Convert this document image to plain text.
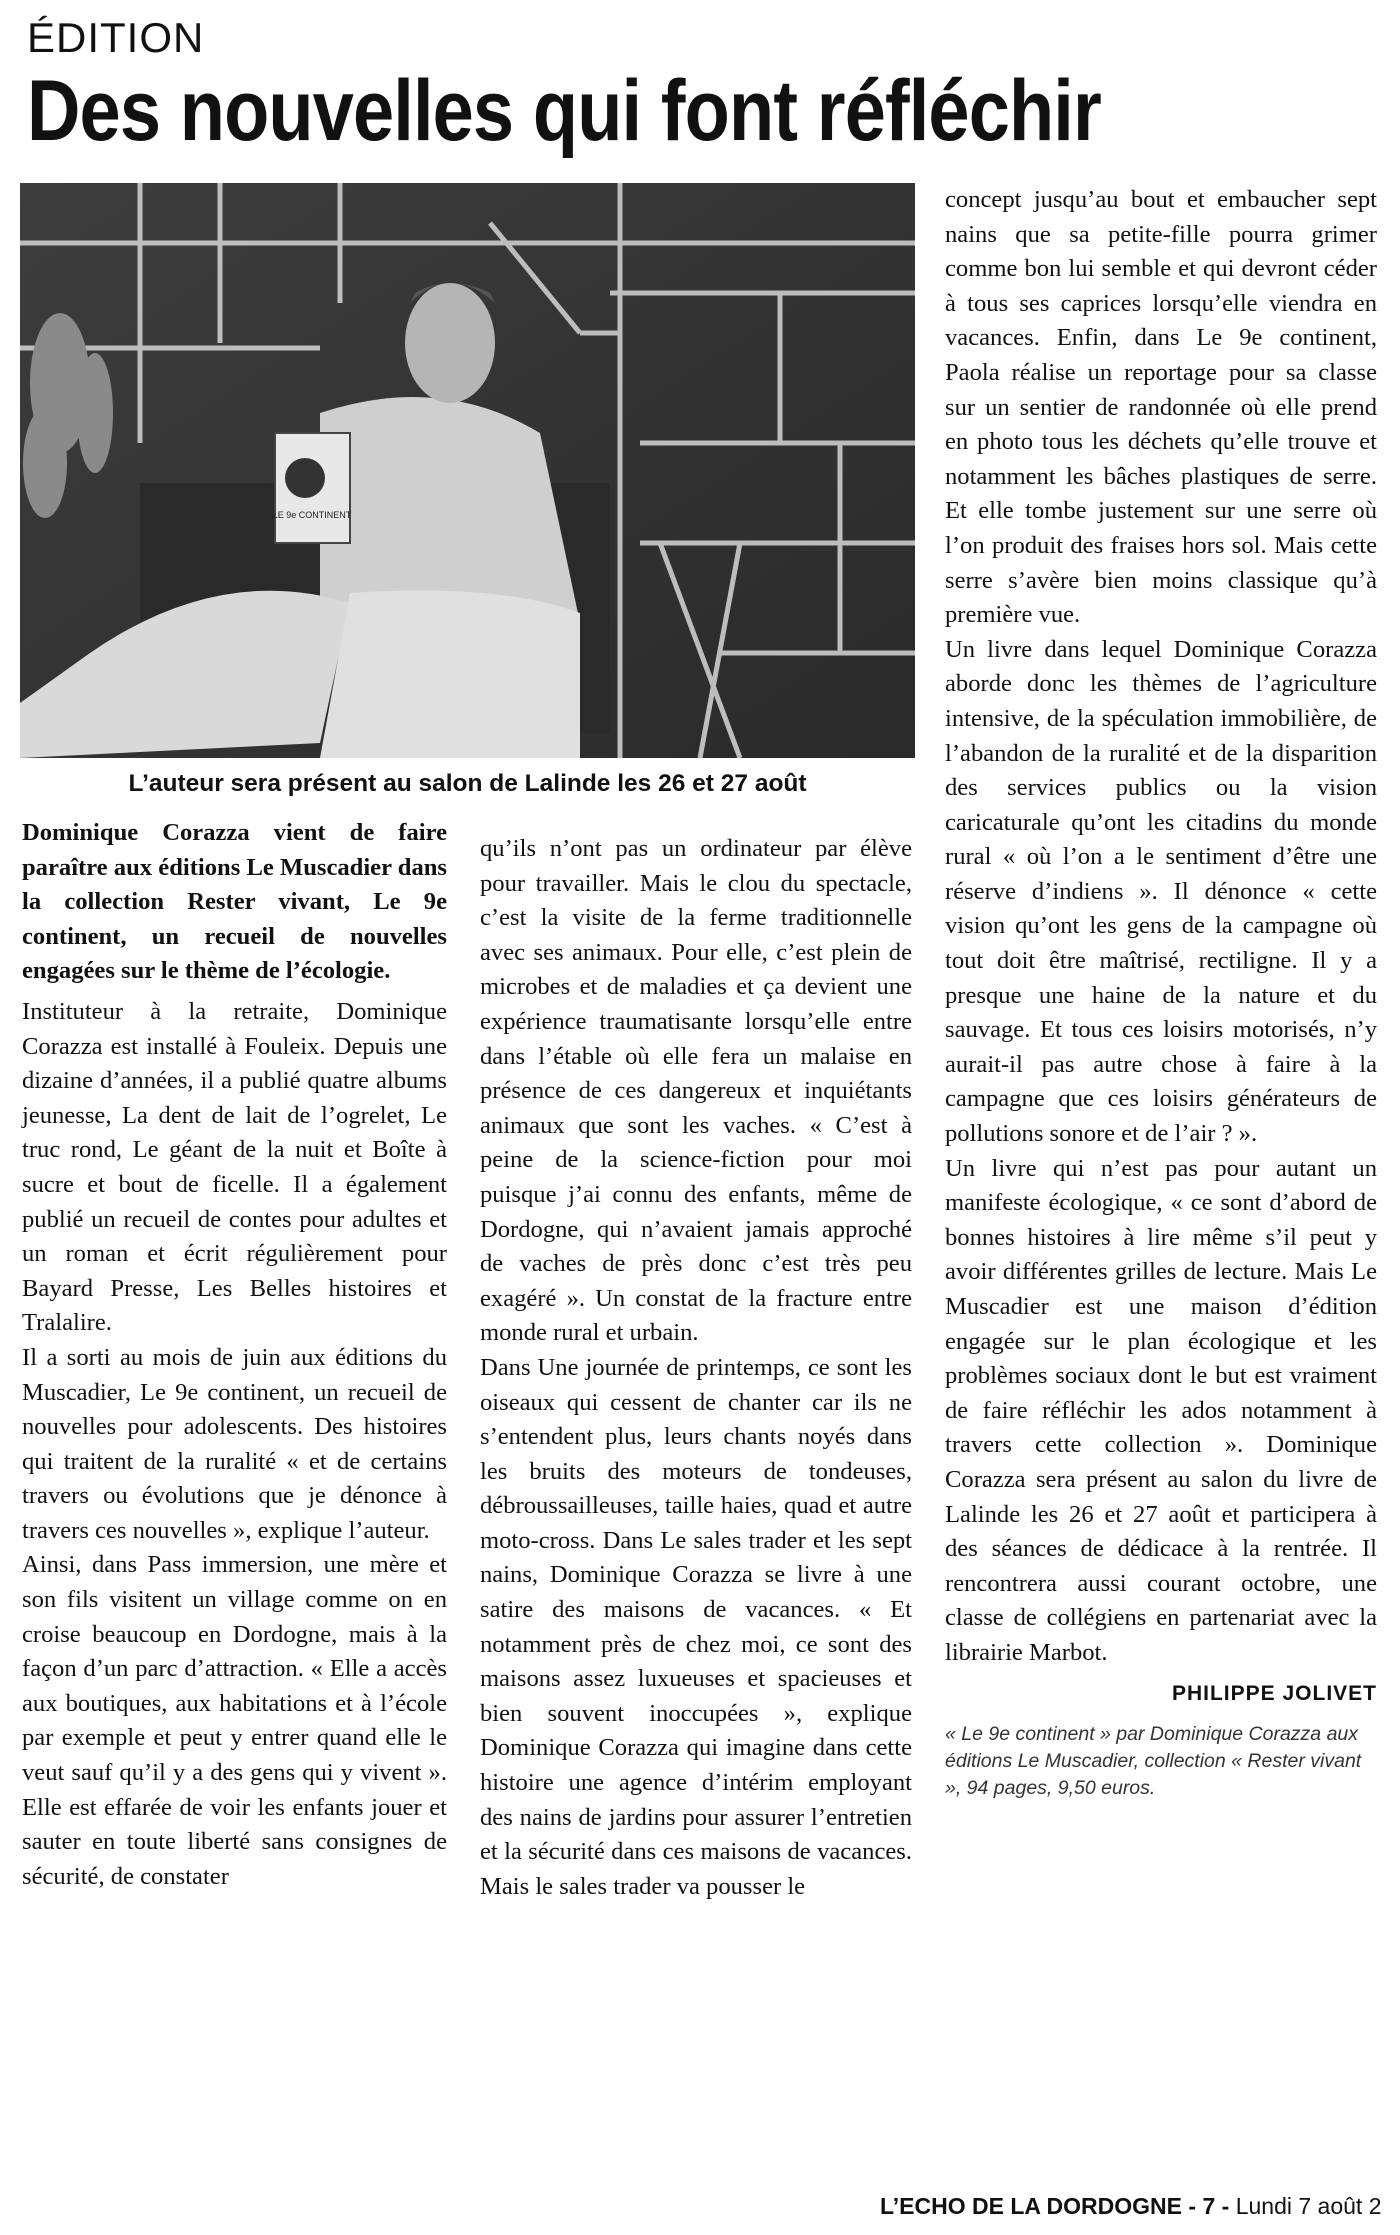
ÉDITION
Des nouvelles qui font réfléchir
LE 9e CONTINENT
L’auteur sera présent au salon de Lalinde les 26 et 27 août

Dominique Corazza vient de faire paraître aux éditions Le Muscadier dans la collection Rester vivant, Le 9e continent, un recueil de nouvelles engagées sur le thème de l’écologie.

Instituteur à la retraite, Dominique Corazza est installé à Fouleix. Depuis une dizaine d’années, il a publié quatre albums jeunesse, La dent de lait de l’ogrelet, Le truc rond, Le géant de la nuit et Boîte à sucre et bout de ficelle. Il a également publié un recueil de contes pour adultes et un roman et écrit régulièrement pour Bayard Presse, Les Belles histoires et Tralalire.

Il a sorti au mois de juin aux éditions du Muscadier, Le 9e continent, un recueil de nouvelles pour adolescents. Des histoires qui traitent de la ruralité « et de certains travers ou évolutions que je dénonce à travers ces nouvelles », explique l’auteur.

Ainsi, dans Pass immersion, une mère et son fils visitent un village comme on en croise beaucoup en Dordogne, mais à la façon d’un parc d’attraction. « Elle a accès aux boutiques, aux habitations et à l’école par exemple et peut y entrer quand elle le veut sauf qu’il y a des gens qui y vivent ». Elle est effarée de voir les enfants jouer et sauter en toute liberté sans consignes de sécurité, de constater

qu’ils n’ont pas un ordinateur par élève pour travailler. Mais le clou du spectacle, c’est la visite de la ferme traditionnelle avec ses animaux. Pour elle, c’est plein de microbes et de maladies et ça devient une expérience traumatisante lorsqu’elle entre dans l’étable où elle fera un malaise en présence de ces dangereux et inquiétants animaux que sont les vaches. « C’est à peine de la science-fiction pour moi puisque j’ai connu des enfants, même de Dordogne, qui n’avaient jamais approché de vaches de près donc c’est très peu exagéré ». Un constat de la fracture entre monde rural et urbain.

Dans Une journée de printemps, ce sont les oiseaux qui cessent de chanter car ils ne s’entendent plus, leurs chants noyés dans les bruits des moteurs de tondeuses, débroussailleuses, taille haies, quad et autre moto-cross. Dans Le sales trader et les sept nains, Dominique Corazza se livre à une satire des maisons de vacances. « Et notamment près de chez moi, ce sont des maisons assez luxueuses et spacieuses et bien souvent inoccupées », explique Dominique Corazza qui imagine dans cette histoire une agence d’intérim employant des nains de jardins pour assurer l’entretien et la sécurité dans ces maisons de vacances. Mais le sales trader va pousser le

concept jusqu’au bout et embaucher sept nains que sa petite-fille pourra grimer comme bon lui semble et qui devront céder à tous ses caprices lorsqu’elle viendra en vacances. Enfin, dans Le 9e continent, Paola réalise un reportage pour sa classe sur un sentier de randonnée où elle prend en photo tous les déchets qu’elle trouve et notamment les bâches plastiques de serre. Et elle tombe justement sur une serre où l’on produit des fraises hors sol. Mais cette serre s’avère bien moins classique qu’à première vue.

Un livre dans lequel Dominique Corazza aborde donc les thèmes de l’agriculture intensive, de la spéculation immobilière, de l’abandon de la ruralité et de la disparition des services publics ou la vision caricaturale qu’ont les citadins du monde rural « où l’on a le sentiment d’être une réserve d’indiens ». Il dénonce « cette vision qu’ont les gens de la campagne où tout doit être maîtrisé, rectiligne. Il y a presque une haine de la nature et du sauvage. Et tous ces loisirs motorisés, n’y aurait-il pas autre chose à faire à la campagne que ces loisirs générateurs de pollutions sonore et de l’air ? ».

Un livre qui n’est pas pour autant un manifeste écologique, « ce sont d’abord de bonnes histoires à lire même s’il peut y avoir différentes grilles de lecture. Mais Le Muscadier est une maison d’édition engagée sur le plan écologique et les problèmes sociaux dont le but est vraiment de faire réfléchir les ados notamment à travers cette collection ». Dominique Corazza sera présent au salon du livre de Lalinde les 26 et 27 août et participera à des séances de dédicace à la rentrée. Il rencontrera aussi courant octobre, une classe de collégiens en partenariat avec la librairie Marbot.

PHILIPPE JOLIVET

« Le 9e continent » par Dominique Corazza aux éditions Le Muscadier, collection « Rester vivant », 94 pages, 9,50 euros.

L’ECHO DE LA DORDOGNE - 7 - Lundi 7 août 2
